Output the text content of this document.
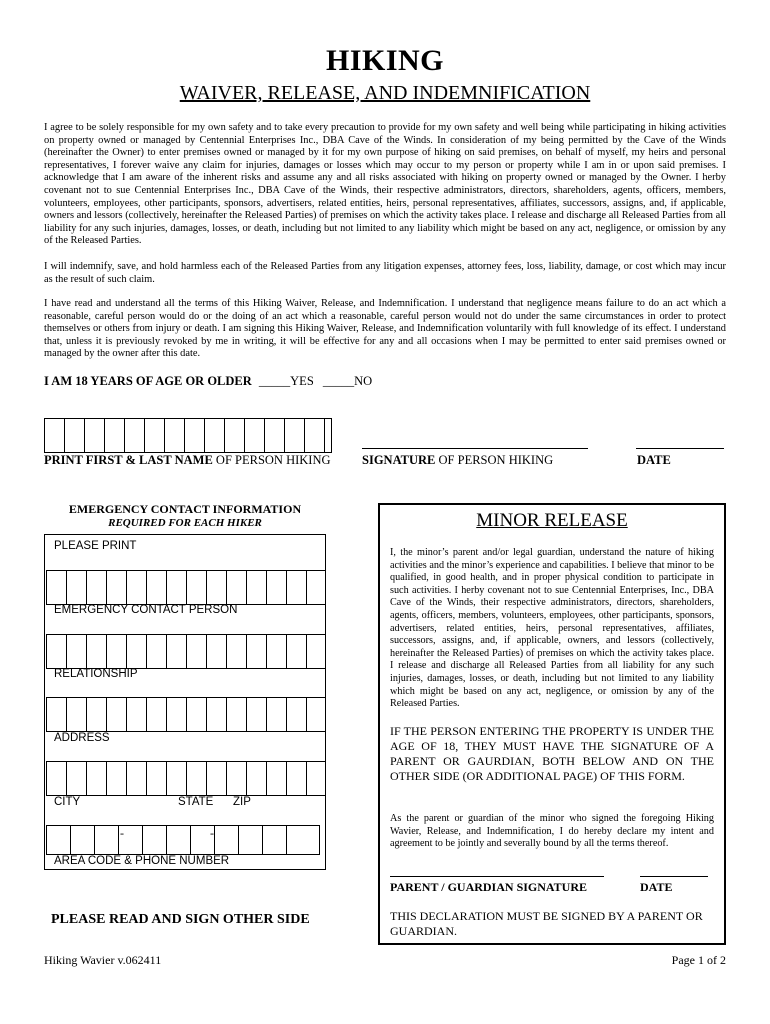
HIKING
WAIVER, RELEASE, AND INDEMNIFICATION
I agree to be solely responsible for my own safety and to take every precaution to provide for my own safety and well being while participating in hiking activities on property owned or managed by Centennial Enterprises Inc., DBA Cave of the Winds. In consideration of my being permitted by the Cave of the Winds (hereinafter the Owner) to enter premises owned or managed by it for my own purpose of hiking on said premises, on behalf of myself, my heirs and personal representatives, I forever waive any claim for injuries, damages or losses which may occur to my person or property while I am in or upon said premises. I acknowledge that I am aware of the inherent risks and assume any and all risks associated with hiking on property owned or managed by the Owner. I herby covenant not to sue Centennial Enterprises Inc., DBA Cave of the Winds, their respective administrators, directors, shareholders, agents, officers, members, volunteers, employees, other participants, sponsors, advertisers, related entities, heirs, personal representatives, affiliates, successors, assigns, and, if applicable, owners and lessors (collectively, hereinafter the Released Parties) of premises on which the activity takes place. I release and discharge all Released Parties from all liability for any such injuries, damages, losses, or death, including but not limited to any liability which might be based on any act, negligence, or omission by any of the Released Parties.
I will indemnify, save, and hold harmless each of the Released Parties from any litigation expenses, attorney fees, loss, liability, damage, or cost which may incur as the result of such claim.
I have read and understand all the terms of this Hiking Waiver, Release, and Indemnification. I understand that negligence means failure to do an act which a reasonable, careful person would do or the doing of an act which a reasonable, careful person would not do under the same circumstances in order to protect themselves or others from injury or death. I am signing this Hiking Waiver, Release, and Indemnification voluntarily with full knowledge of its effect. I understand that, unless it is previously revoked by me in writing, it will be effective for any and all occasions when I may be permitted to enter said premises owned or managed by the owner after this date.
I AM 18 YEARS OF AGE OR OLDER _____YES _____NO
PRINT FIRST & LAST NAME OF PERSON HIKING	SIGNATURE OF PERSON HIKING	DATE
EMERGENCY CONTACT INFORMATION
REQUIRED FOR EACH HIKER
PLEASE PRINT
EMERGENCY CONTACT PERSON
RELATIONSHIP
ADDRESS
CITY	STATE ZIP
-	-
AREA CODE & PHONE NUMBER
MINOR RELEASE
I, the minor’s parent and/or legal guardian, understand the nature of hiking activities and the minor’s experience and capabilities. I believe that minor to be qualified, in good health, and in proper physical condition to participate in such activities. I herby covenant not to sue Centennial Enterprises, Inc., DBA Cave of the Winds, their respective administrators, directors, shareholders, agents, officers, members, volunteers, employees, other participants, sponsors, advertisers, related entities, heirs, personal representatives, affiliates, successors, assigns, and, if applicable, owners, and lessors (collectively, hereinafter the Released Parties) of premises on which the activity takes place. I release and discharge all Released Parties from all liability for any such injuries, damages, losses, or death, including but not limited to any liability which might be based on any act, negligence, or omission by any of the Released Parties.
IF THE PERSON ENTERING THE PROPERTY IS UNDER THE AGE OF 18, THEY MUST HAVE THE SIGNATURE OF A PARENT OR GAURDIAN, BOTH BELOW AND ON THE OTHER SIDE (OR ADDITIONAL PAGE) OF THIS FORM.
As the parent or guardian of the minor who signed the foregoing Hiking Wavier, Release, and Indemnification, I do hereby declare my intent and agreement to be jointly and severally bound by all the terms thereof.
PARENT / GUARDIAN SIGNATURE	DATE
THIS DECLARATION MUST BE SIGNED BY A PARENT OR GUARDIAN.
PLEASE READ AND SIGN OTHER SIDE
Hiking Wavier v.062411	Page 1 of 2
